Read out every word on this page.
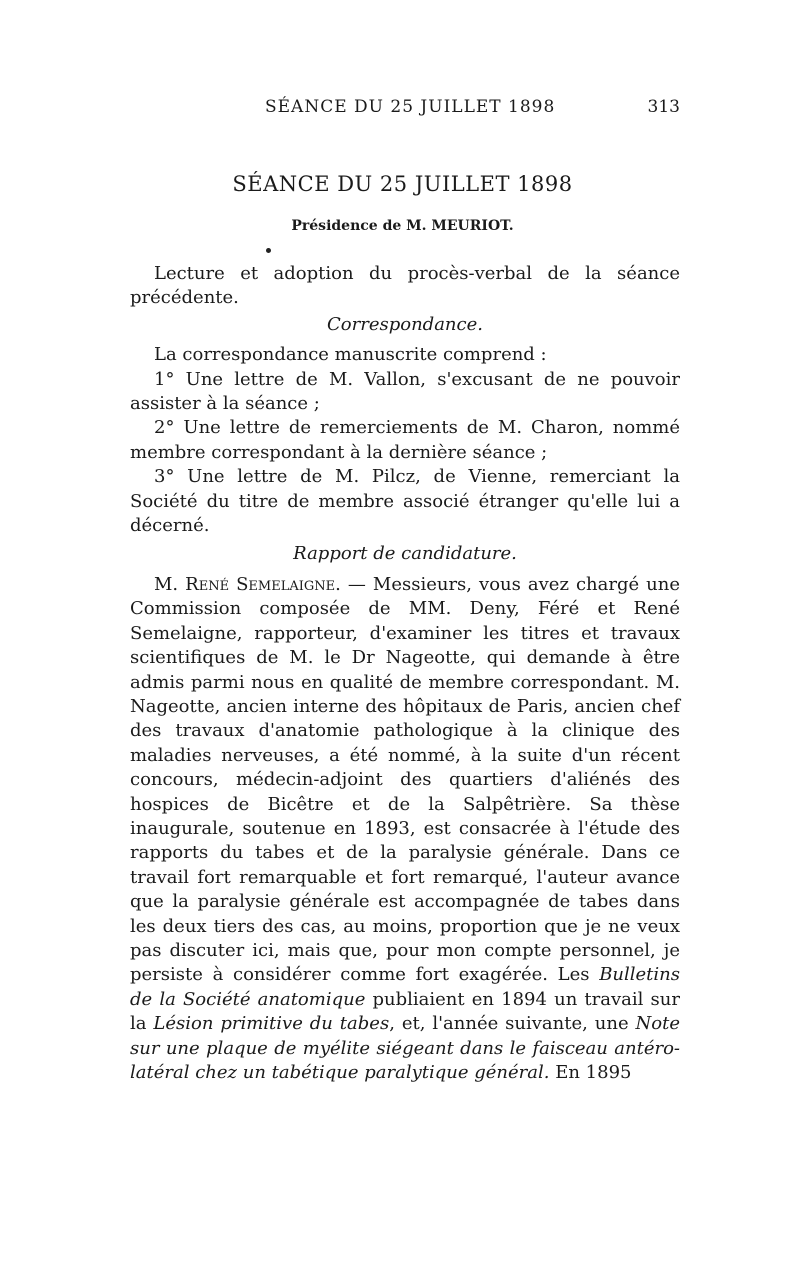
SÉANCE DU 25 JUILLET 1898	313
SÉANCE DU 25 JUILLET 1898
Présidence de M. MEURIOT.

Lecture et adoption du procès-verbal de la séance précédente.

Correspondance.

La correspondance manuscrite comprend :

1° Une lettre de M. Vallon, s'excusant de ne pouvoir assister à la séance ;

2° Une lettre de remerciements de M. Charon, nommé membre correspondant à la dernière séance ;

3° Une lettre de M. Pilcz, de Vienne, remerciant la Société du titre de membre associé étranger qu'elle lui a décerné.

Rapport de candidature.

M. René Semelaigne. — Messieurs, vous avez chargé une Commission composée de MM. Deny, Féré et René Semelaigne, rapporteur, d'examiner les titres et travaux scientifiques de M. le Dr Nageotte, qui demande à être admis parmi nous en qualité de membre correspondant. M. Nageotte, ancien interne des hôpitaux de Paris, ancien chef des travaux d'anatomie pathologique à la clinique des maladies nerveuses, a été nommé, à la suite d'un récent concours, médecin-adjoint des quartiers d'aliénés des hospices de Bicêtre et de la Salpêtrière. Sa thèse inaugurale, soutenue en 1893, est consacrée à l'étude des rapports du tabes et de la paralysie générale. Dans ce travail fort remarquable et fort remarqué, l'auteur avance que la paralysie générale est accompagnée de tabes dans les deux tiers des cas, au moins, proportion que je ne veux pas discuter ici, mais que, pour mon compte personnel, je persiste à considérer comme fort exagérée. Les Bulletins de la Société anatomique publiaient en 1894 un travail sur la Lésion primitive du tabes, et, l'année suivante, une Note sur une plaque de myélite siégeant dans le faisceau antéro-latéral chez un tabétique paralytique général. En 1895
